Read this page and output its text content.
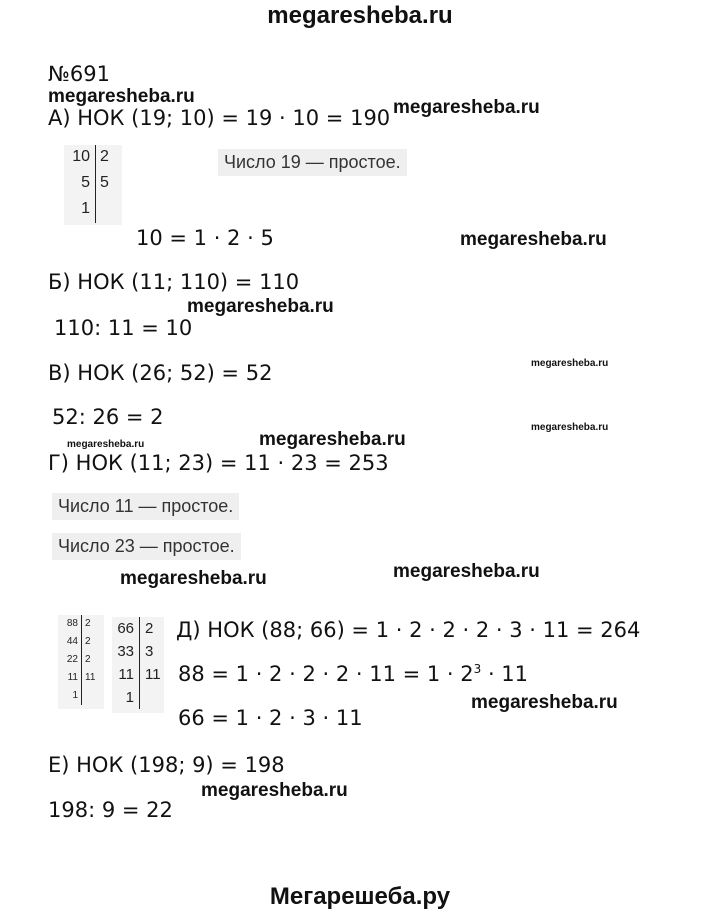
megaresheba.ru
№691
megaresheba.ru
megaresheba.ru
megaresheba.ru
megaresheba.ru
megaresheba.ru
megaresheba.ru
megaresheba.ru	megaresheba.ru
megaresheba.ru	megaresheba.ru
megaresheba.ru
megaresheba.ru
А) НОК (19; 10) = 19 · 10 = 190
10 2
5 5
1
Число 19 — простое.
10 = 1 · 2 · 5
Б) НОК (11; 110) = 110
110: 11 = 10
В) НОК (26; 52) = 52
52: 26 = 2
Г) НОК (11; 23) = 11 · 23 = 253
Число 11 — простое.
Число 23 — простое.
88 2
44 2
22 2
11 11
1
66 2
33 3
11 11
1
Д) НОК (88; 66) = 1 · 2 · 2 · 2 · 3 · 11 = 264
$88 = 1 \cdot 2 \cdot 2 \cdot 2 \cdot 11 = 1 \cdot 2^3 \cdot 11$
66 = 1 · 2 · 3 · 11
Е) НОК (198; 9) = 198
198: 9 = 22
Мегарешеба.ру
